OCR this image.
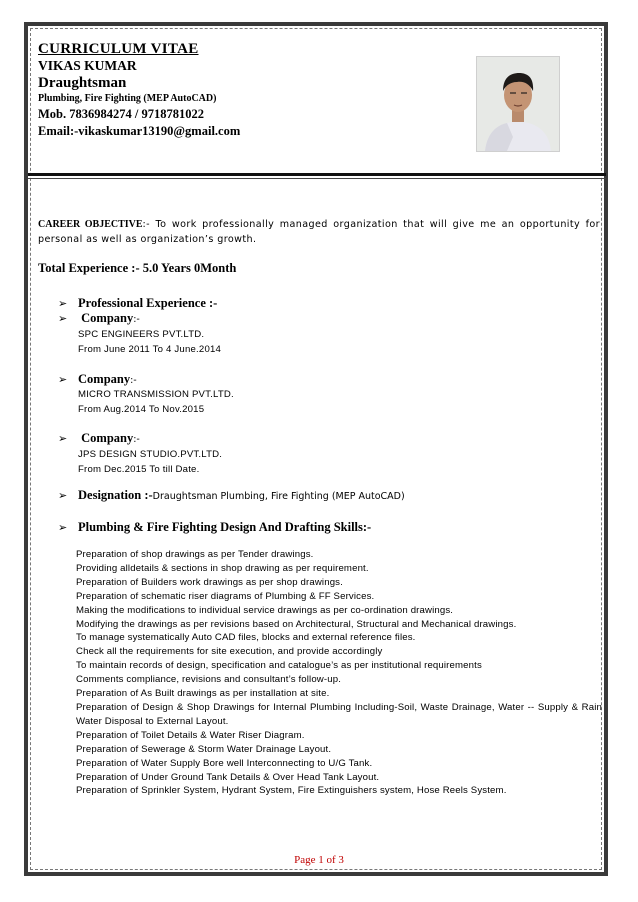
CURRICULUM VITAE
VIKAS KUMAR
Draughtsman
Plumbing, Fire Fighting (MEP AutoCAD)
Mob. 7836984274 / 9718781022
Email:-vikaskumar13190@gmail.com
CAREER OBJECTIVE:- To work professionally managed organization that will give me an opportunity for personal as well as organization’s growth.
Total Experience :- 5.0 Years 0Month
➢ Professional Experience :-
➢ Company:-
SPC ENGINEERS PVT.LTD.
From June 2011 To 4 June.2014
➢ Company:-
MICRO TRANSMISSION PVT.LTD.
From Aug.2014 To Nov.2015
➢ Company:-
JPS DESIGN STUDIO.PVT.LTD.
From Dec.2015 To till Date.
➢ Designation :-Draughtsman Plumbing, Fire Fighting (MEP AutoCAD)
➢ Plumbing & Fire Fighting Design And Drafting Skills:-
Preparation of shop drawings as per Tender drawings.
Providing alldetails & sections in shop drawing as per requirement.
Preparation of Builders work drawings as per shop drawings.
Preparation of schematic riser diagrams of Plumbing & FF Services.
Making the modifications to individual service drawings as per co-ordination drawings.
Modifying the drawings as per revisions based on Architectural, Structural and Mechanical drawings.
To manage systematically Auto CAD files, blocks and external reference files.
Check all the requirements for site execution, and provide accordingly
To maintain records of design, specification and catalogue’s as per institutional requirements
Comments compliance, revisions and consultant’s follow-up.
Preparation of As Built drawings as per installation at site.
Preparation of Design & Shop Drawings for Internal Plumbing Including-Soil, Waste Drainage, Water -- Supply & Rain Water Disposal to External Layout.
Preparation of Toilet Details & Water Riser Diagram.
Preparation of Sewerage & Storm Water Drainage Layout.
Preparation of Water Supply Bore well Interconnecting to U/G Tank.
Preparation of Under Ground Tank Details & Over Head Tank Layout.
Preparation of Sprinkler System, Hydrant System, Fire Extinguishers system, Hose Reels System.
Page 1 of 3
